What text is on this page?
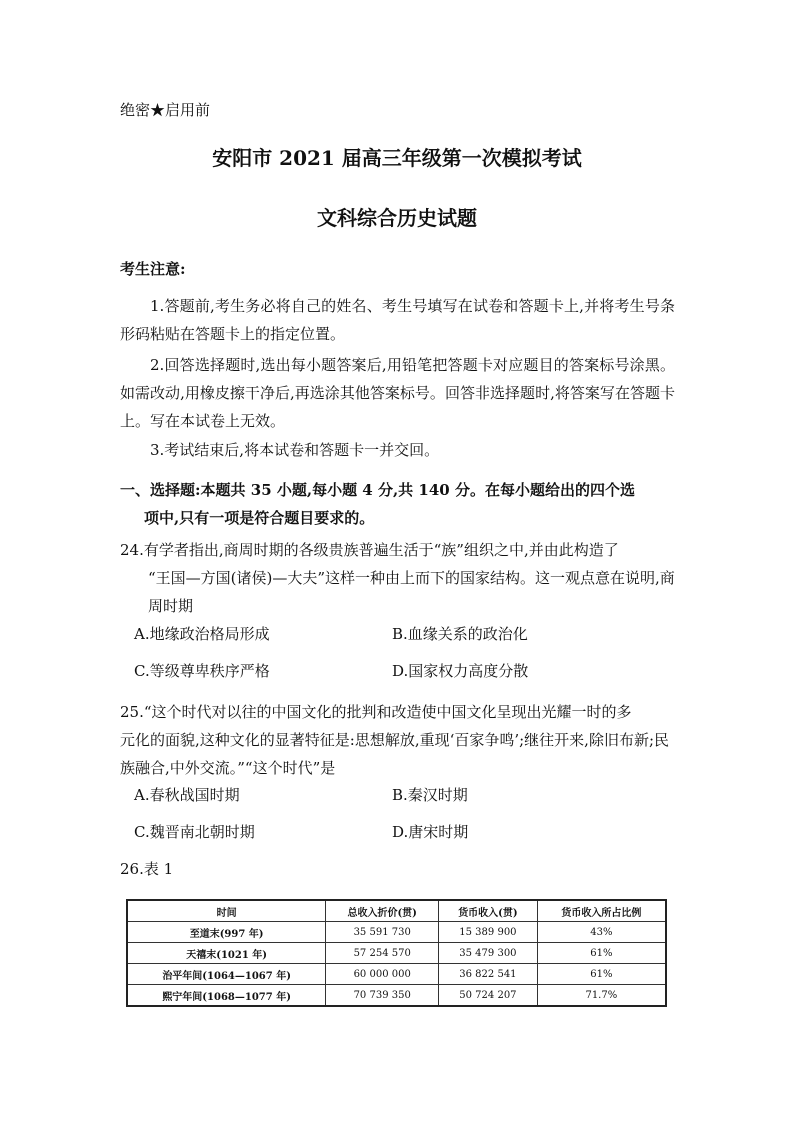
绝密★启用前
安阳市 2021 届高三年级第一次模拟考试
文科综合历史试题
考生注意:
1.答题前,考生务必将自己的姓名、考生号填写在试卷和答题卡上,并将考生号条形码粘贴在答题卡上的指定位置。
2.回答选择题时,选出每小题答案后,用铅笔把答题卡对应题目的答案标号涂黑。如需改动,用橡皮擦干净后,再选涂其他答案标号。回答非选择题时,将答案写在答题卡上。写在本试卷上无效。
3.考试结束后,将本试卷和答题卡一并交回。
一、选择题:本题共 35 小题,每小题 4 分,共 140 分。在每小题给出的四个选
项中,只有一项是符合题目要求的。
24.有学者指出,商周时期的各级贵族普遍生活于“族”组织之中,并由此构造了
“王国—方国(诸侯)—大夫”这样一种由上而下的国家结构。这一观点意在说明,商周时期
A.地缘政治格局形成	B.血缘关系的政治化
C.等级尊卑秩序严格	D.国家权力高度分散
25.“这个时代对以往的中国文化的批判和改造使中国文化呈现出光耀一时的多
元化的面貌,这种文化的显著特征是:思想解放,重现‘百家争鸣’;继往开来,除旧布新;民族融合,中外交流。”“这个时代”是
A.春秋战国时期	B.秦汉时期
C.魏晋南北朝时期	D.唐宋时期
26.表 1
时间	总收入折价(贯)	货币收入(贯)	货币收入所占比例
至道末(997 年)	35 591 730	15 389 900	43%
天禧末(1021 年)	57 254 570	35 479 300	61%
治平年间(1064—1067 年)	60 000 000	36 822 541	61%
熙宁年间(1068—1077 年)	70 739 350	50 724 207	71.7%
